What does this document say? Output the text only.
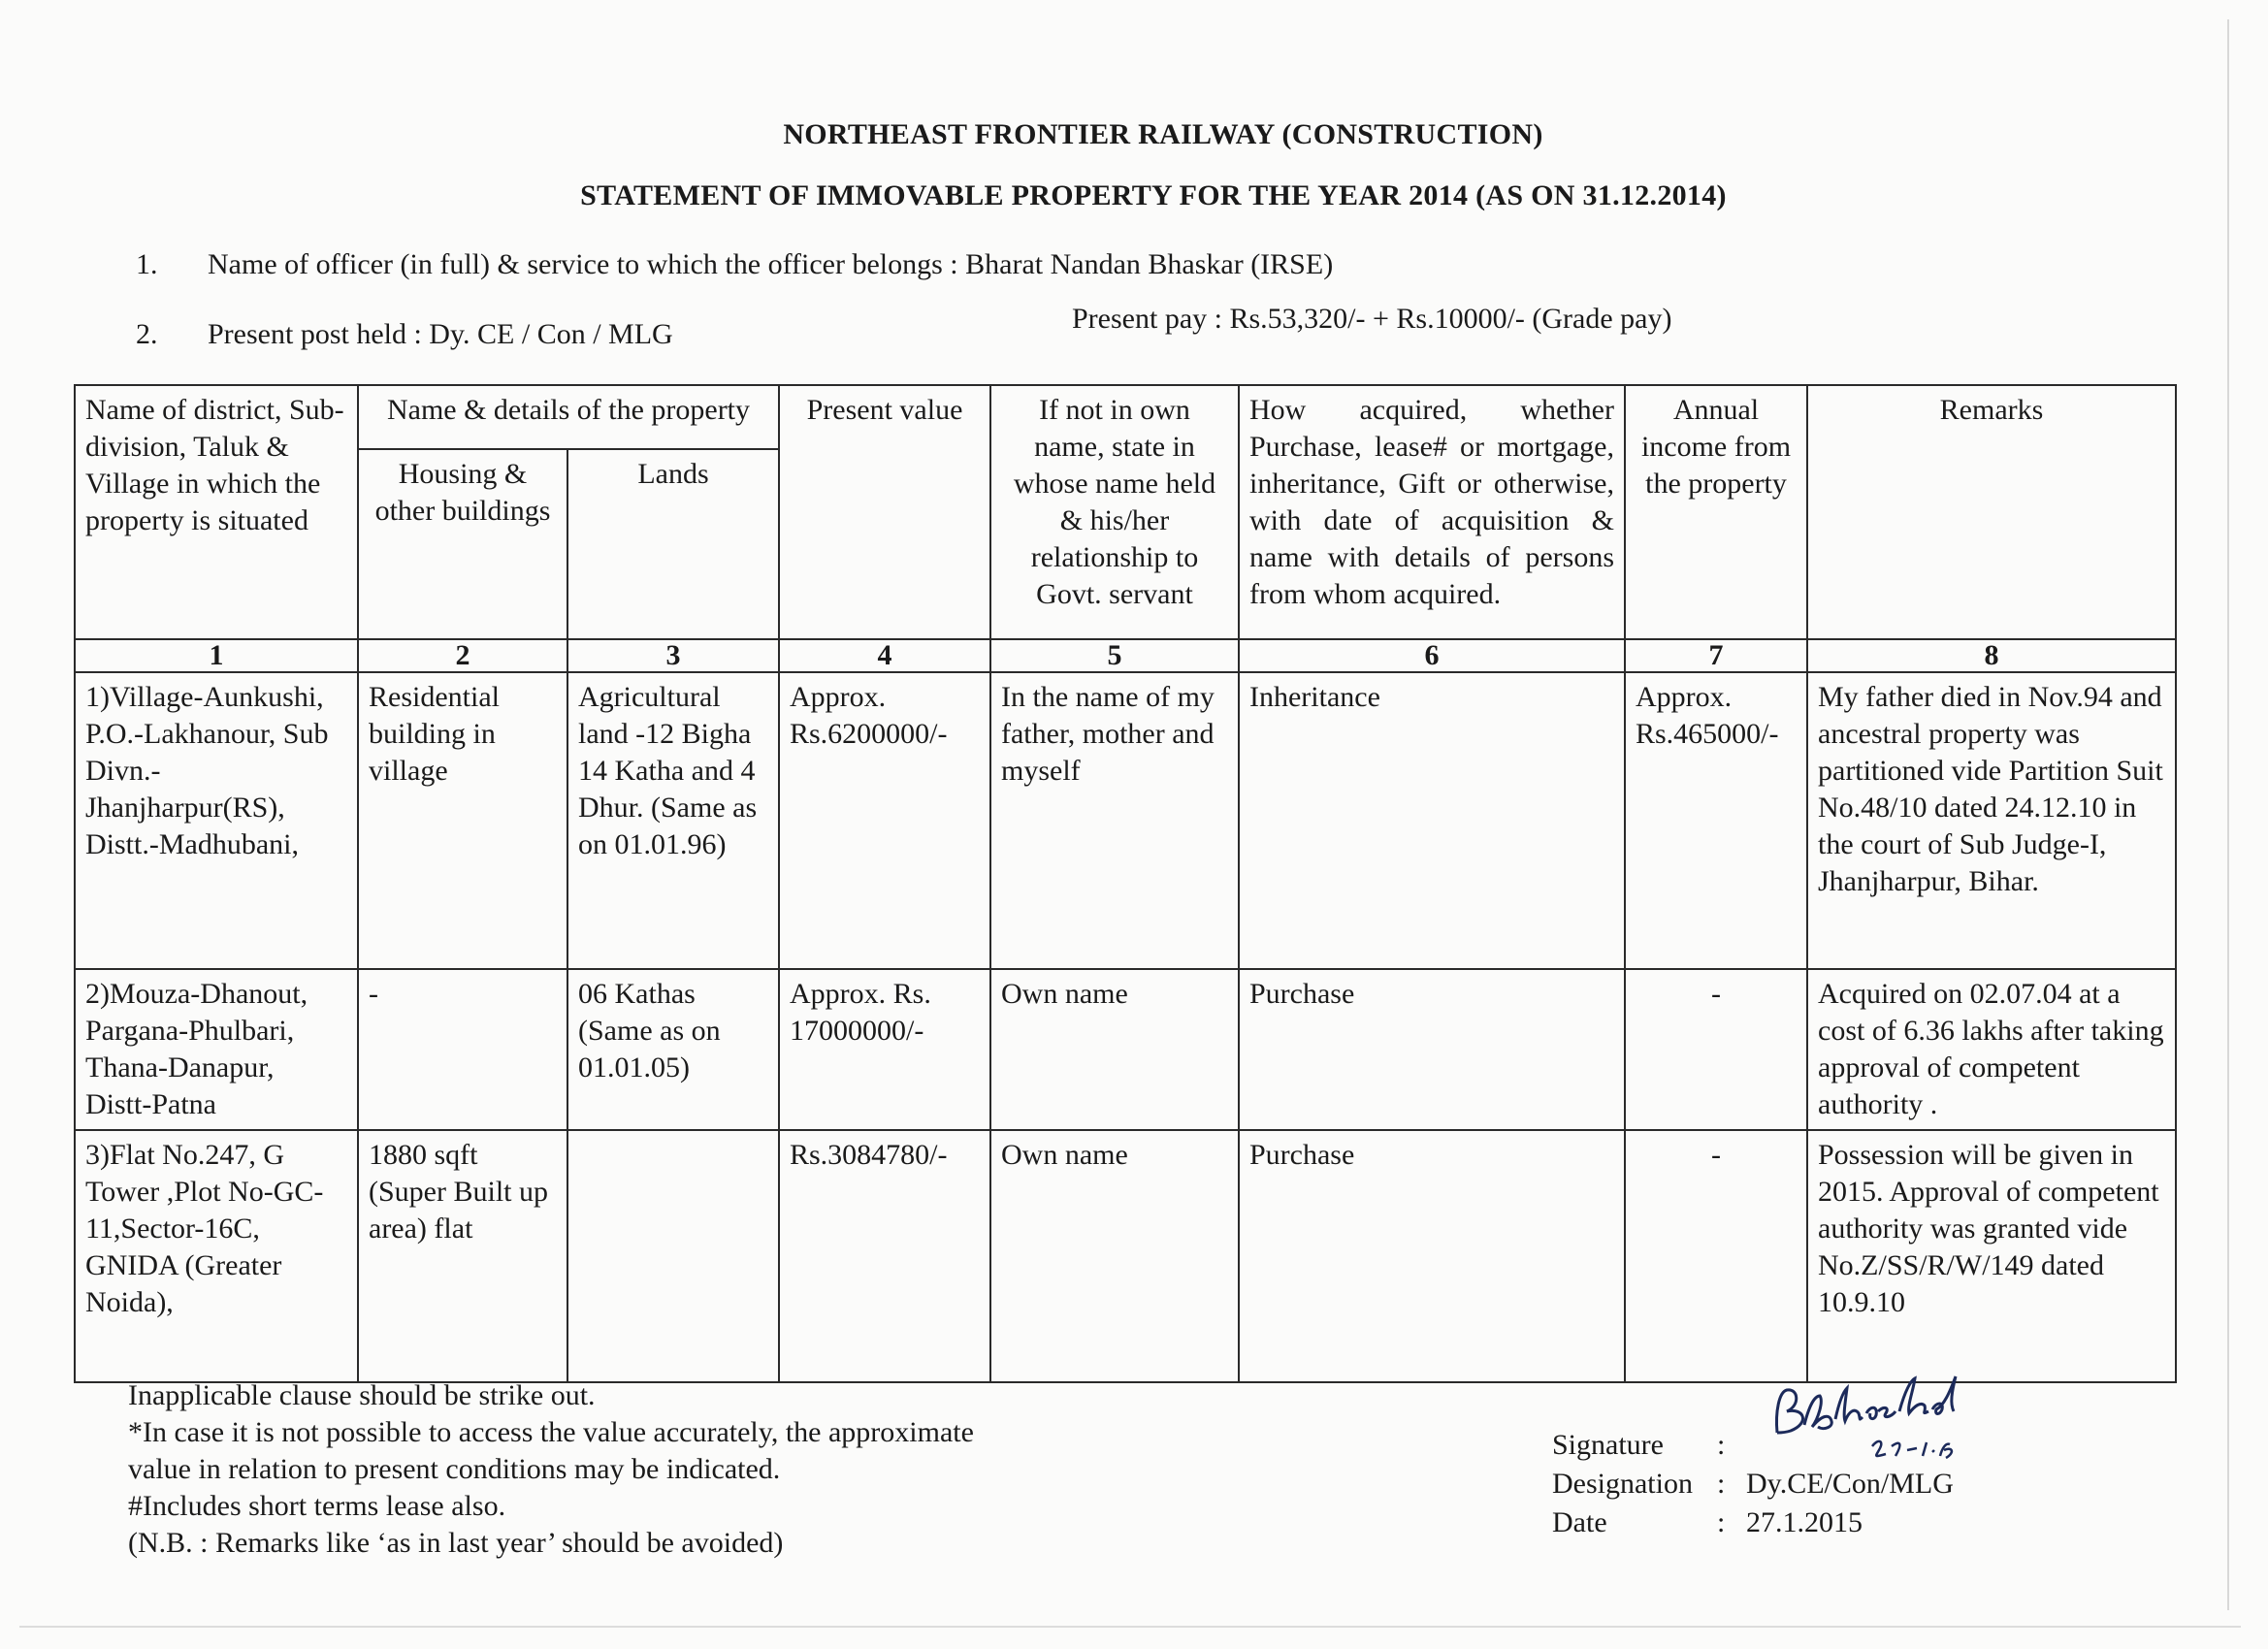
NORTHEAST FRONTIER RAILWAY (CONSTRUCTION)
STATEMENT OF IMMOVABLE PROPERTY FOR THE YEAR 2014 (AS ON 31.12.2014)
1. Name of officer (in full) & service to which the officer belongs : Bharat Nandan Bhaskar (IRSE)
2. Present post held : Dy. CE / Con / MLG	Present pay : Rs.53,320/- + Rs.10000/- (Grade pay)
Name of district, Sub-division, Taluk & Village in which the property is situated	Name & details of the property		Present value	If not in own name, state in whose name held & his/her relationship to Govt. servant	How acquired, whether Purchase, lease# or mortgage, inheritance, Gift or otherwise, with date of acquisition & name with details of persons from whom acquired.	Annual income from the property	Remarks
	Housing & other buildings	Lands					
1	2	3	4	5	6	7	8
1)Village-Aunkushi, P.O.-Lakhanour, Sub Divn.-Jhanjharpur(RS), Distt.-Madhubani,	Residential building in village	Agricultural land -12 Bigha 14 Katha and 4 Dhur. (Same as on 01.01.96)	Approx. Rs.6200000/-	In the name of my father, mother and myself	Inheritance	Approx. Rs.465000/-	My father died in Nov.94 and ancestral property was partitioned vide Partition Suit No.48/10 dated 24.12.10 in the court of Sub Judge-I, Jhanjharpur, Bihar.
2)Mouza-Dhanout, Pargana-Phulbari, Thana-Danapur, Distt-Patna	-	06 Kathas (Same as on 01.01.05)	Approx. Rs. 17000000/-	Own name	Purchase	-	Acquired on 02.07.04 at a cost of 6.36 lakhs after taking approval of competent authority .
3)Flat No.247, G Tower ,Plot No-GC-11,Sector-16C, GNIDA (Greater Noida),	1880 sqft (Super Built up area) flat		Rs.3084780/-	Own name	Purchase	-	Possession will be given in 2015. Approval of competent authority was granted vide No.Z/SS/R/W/149 dated 10.9.10
Inapplicable clause should be strike out.
*In case it is not possible to access the value accurately, the approximate
value in relation to present conditions may be indicated.
#Includes short terms lease also.
(N.B. : Remarks like ‘as in last year’ should be avoided)
Signature	:
Designation : Dy.CE/Con/MLG
Date	: 27.1.2015
